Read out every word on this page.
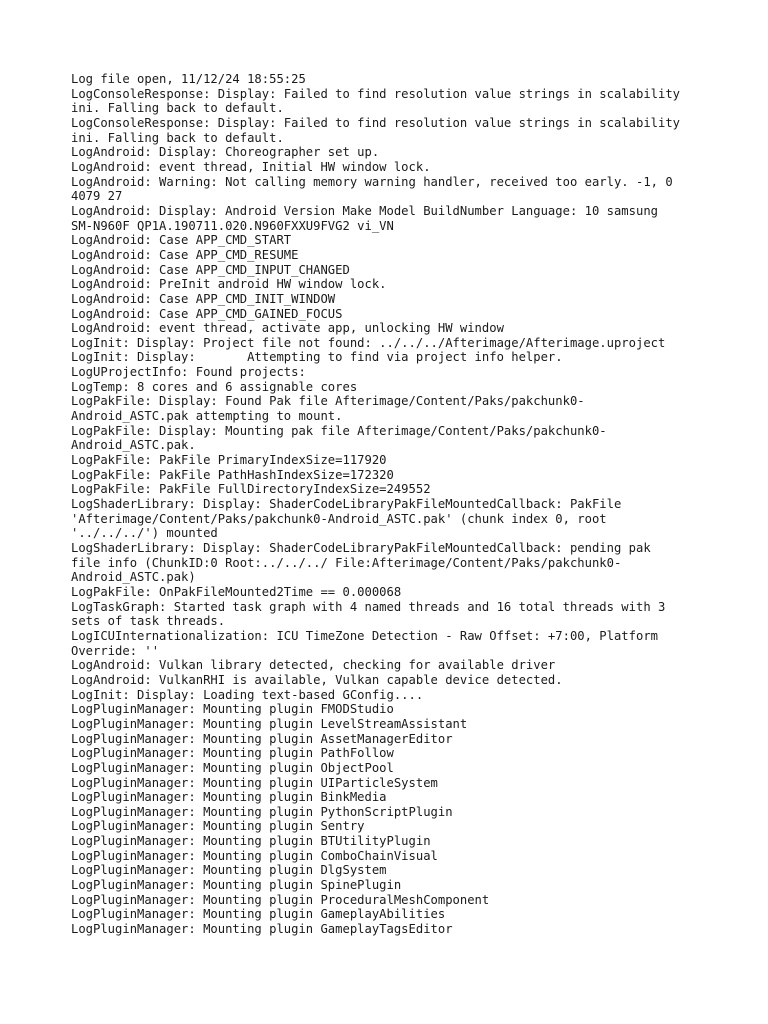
Log file open, 11/12/24 18:55:25
LogConsoleResponse: Display: Failed to find resolution value strings in scalability
ini. Falling back to default.
LogConsoleResponse: Display: Failed to find resolution value strings in scalability
ini. Falling back to default.
LogAndroid: Display: Choreographer set up.
LogAndroid: event thread, Initial HW window lock.
LogAndroid: Warning: Not calling memory warning handler, received too early. -1, 0
4079 27
LogAndroid: Display: Android Version Make Model BuildNumber Language: 10 samsung
SM-N960F QP1A.190711.020.N960FXXU9FVG2 vi_VN
LogAndroid: Case APP_CMD_START
LogAndroid: Case APP_CMD_RESUME
LogAndroid: Case APP_CMD_INPUT_CHANGED
LogAndroid: PreInit android HW window lock.
LogAndroid: Case APP_CMD_INIT_WINDOW
LogAndroid: Case APP_CMD_GAINED_FOCUS
LogAndroid: event thread, activate app, unlocking HW window
LogInit: Display: Project file not found: ../../../Afterimage/Afterimage.uproject
LogInit: Display:       Attempting to find via project info helper.
LogUProjectInfo: Found projects:
LogTemp: 8 cores and 6 assignable cores
LogPakFile: Display: Found Pak file Afterimage/Content/Paks/pakchunk0-
Android_ASTC.pak attempting to mount.
LogPakFile: Display: Mounting pak file Afterimage/Content/Paks/pakchunk0-
Android_ASTC.pak.
LogPakFile: PakFile PrimaryIndexSize=117920
LogPakFile: PakFile PathHashIndexSize=172320
LogPakFile: PakFile FullDirectoryIndexSize=249552
LogShaderLibrary: Display: ShaderCodeLibraryPakFileMountedCallback: PakFile
'Afterimage/Content/Paks/pakchunk0-Android_ASTC.pak' (chunk index 0, root
'../../../') mounted
LogShaderLibrary: Display: ShaderCodeLibraryPakFileMountedCallback: pending pak
file info (ChunkID:0 Root:../../../ File:Afterimage/Content/Paks/pakchunk0-
Android_ASTC.pak)
LogPakFile: OnPakFileMounted2Time == 0.000068
LogTaskGraph: Started task graph with 4 named threads and 16 total threads with 3
sets of task threads.
LogICUInternationalization: ICU TimeZone Detection - Raw Offset: +7:00, Platform
Override: ''
LogAndroid: Vulkan library detected, checking for available driver
LogAndroid: VulkanRHI is available, Vulkan capable device detected.
LogInit: Display: Loading text-based GConfig....
LogPluginManager: Mounting plugin FMODStudio
LogPluginManager: Mounting plugin LevelStreamAssistant
LogPluginManager: Mounting plugin AssetManagerEditor
LogPluginManager: Mounting plugin PathFollow
LogPluginManager: Mounting plugin ObjectPool
LogPluginManager: Mounting plugin UIParticleSystem
LogPluginManager: Mounting plugin BinkMedia
LogPluginManager: Mounting plugin PythonScriptPlugin
LogPluginManager: Mounting plugin Sentry
LogPluginManager: Mounting plugin BTUtilityPlugin
LogPluginManager: Mounting plugin ComboChainVisual
LogPluginManager: Mounting plugin DlgSystem
LogPluginManager: Mounting plugin SpinePlugin
LogPluginManager: Mounting plugin ProceduralMeshComponent
LogPluginManager: Mounting plugin GameplayAbilities
LogPluginManager: Mounting plugin GameplayTagsEditor
